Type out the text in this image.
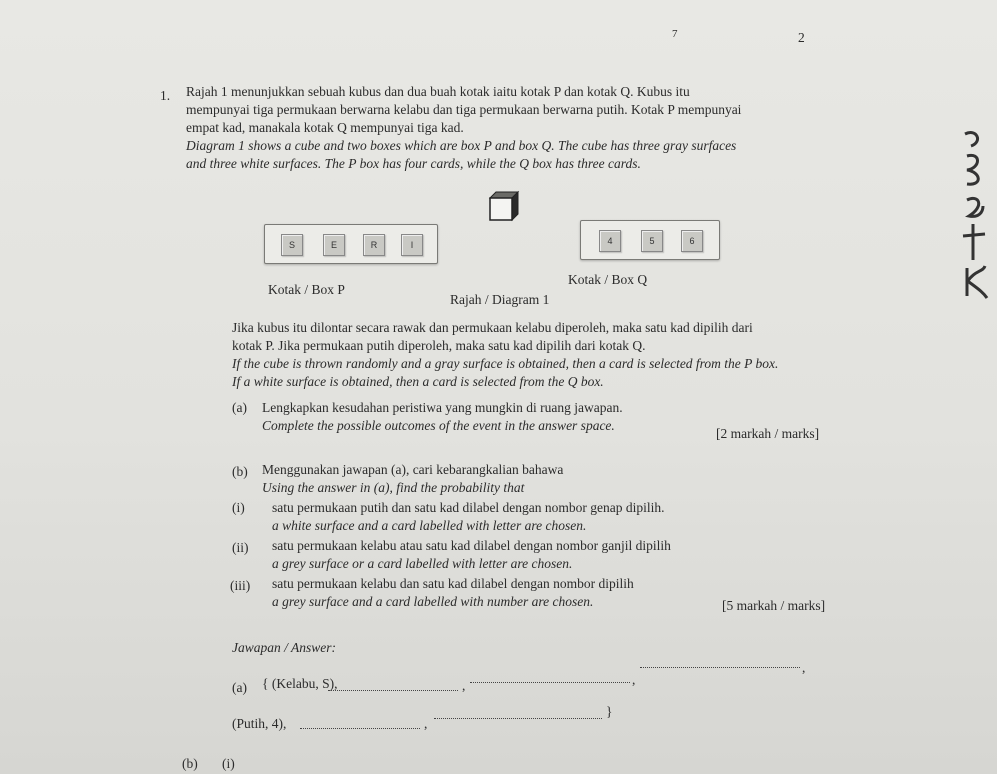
7	2
1. Rajah 1 menunjukkan sebuah kubus dan dua buah kotak iaitu kotak P dan kotak Q. Kubus itu
mempunyai tiga permukaan berwarna kelabu dan tiga permukaan berwarna putih. Kotak P mempunyai
empat kad, manakala kotak Q mempunyai tiga kad.
Diagram 1 shows a cube and two boxes which are box P and box Q. The cube has three gray surfaces
and three white surfaces. The P box has four cards, while the Q box has three cards.
S	E	R	I	4	5	6
Kotak / Box P
Kotak / Box Q
Rajah / Diagram 1
Jika kubus itu dilontar secara rawak dan permukaan kelabu diperoleh, maka satu kad dipilih dari
kotak P. Jika permukaan putih diperoleh, maka satu kad dipilih dari kotak Q.
If the cube is thrown randomly and a gray surface is obtained, then a card is selected from the P box.
If a white surface is obtained, then a card is selected from the Q box.
(a) Lengkapkan kesudahan peristiwa yang mungkin di ruang jawapan.
Complete the possible outcomes of the event in the answer space.
[2 markah / marks]
(b) Menggunakan jawapan (a), cari kebarangkalian bahawa
Using the answer in (a), find the probability that
(i) satu permukaan putih dan satu kad dilabel dengan nombor genap dipilih.
a white surface and a card labelled with letter are chosen.
(ii) satu permukaan kelabu atau satu kad dilabel dengan nombor ganjil dipilih
a grey surface or a card labelled with letter are chosen.
(iii) satu permukaan kelabu dan satu kad dilabel dengan nombor dipilih
a grey surface and a card labelled with number are chosen.	[5 markah / marks]
Jawapan / Answer:
(a) { (Kelabu, S),	,	,
,
(Putih, 4),	,
}
(b) (i)
